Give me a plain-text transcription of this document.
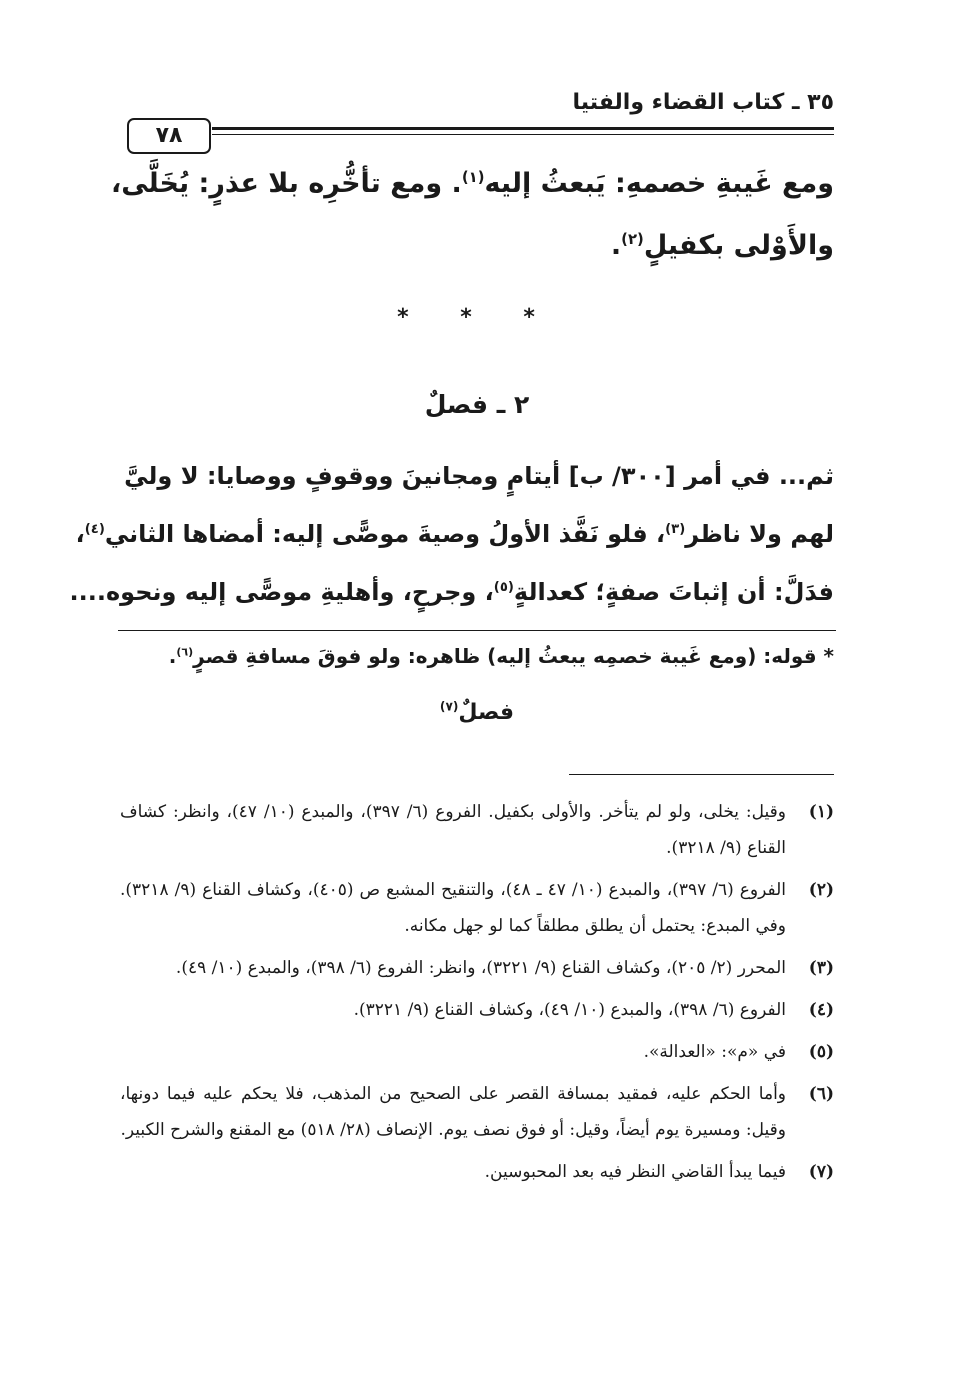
٣٥ ـ كتاب القضاء والفتيا
٧٨
ومع غَيبةِ خصمهِ: يَبعثُ إليه$^{(١)}$. ومع تأخُّرِه بلا عذرٍ: يُخَلَّى،
والأَوْلى بكفيلٍ$^{(٢)}$.
* * *
٢ ـ فصلٌ
ثم... في أمر [٣٠٠/ ب] أيتامٍ ومجانينَ ووقوفٍ ووصايا: لا وليَّ
لهم ولا ناظر$^{(٣)}$، فلو نَفَّذ الأولُ وصيةَ موصًّى إليه: أمضاها الثاني$^{(٤)}$،
فدَلَّ: أن إثباتَ صفةٍ؛ كعدالةٍ$^{(٥)}$، وجرحٍ، وأهليةِ موصًّى إليه ونحوه....
* قوله: (ومع غَيبة خصمِه يبعثُ إليه) ظاهره: ولو فوقَ مسافةِ قصرٍ$^{(٦)}$.
فصلٌ$^{(٧)}$
(١)
وقيل: يخلى، ولو لم يتأخر. والأولى بكفيل. الفروع (٦/ ٣٩٧)، والمبدع (١٠/ ٤٧)، وانظر: كشاف القناع (٩/ ٣٢١٨).
(٢)
الفروع (٦/ ٣٩٧)، والمبدع (١٠/ ٤٧ ـ ٤٨)، والتنقيح المشبع ص (٤٠٥)، وكشاف القناع (٩/ ٣٢١٨). وفي المبدع: يحتمل أن يطلق مطلقاً كما لو جهل مكانه.
(٣)
المحرر (٢/ ٢٠٥)، وكشاف القناع (٩/ ٣٢٢١)، وانظر: الفروع (٦/ ٣٩٨)، والمبدع (١٠/ ٤٩).
(٤)
الفروع (٦/ ٣٩٨)، والمبدع (١٠/ ٤٩)، وكشاف القناع (٩/ ٣٢٢١).
(٥)
في «م»: «العدالة».
(٦)
وأما الحكم عليه، فمقيد بمسافة القصر على الصحيح من المذهب، فلا يحكم عليه فيما دونها، وقيل: ومسيرة يوم أيضاً، وقيل: أو فوق نصف يوم. الإنصاف (٢٨/ ٥١٨) مع المقنع والشرح الكبير.
(٧)
فيما يبدأ القاضي النظر فيه بعد المحبوسين.
